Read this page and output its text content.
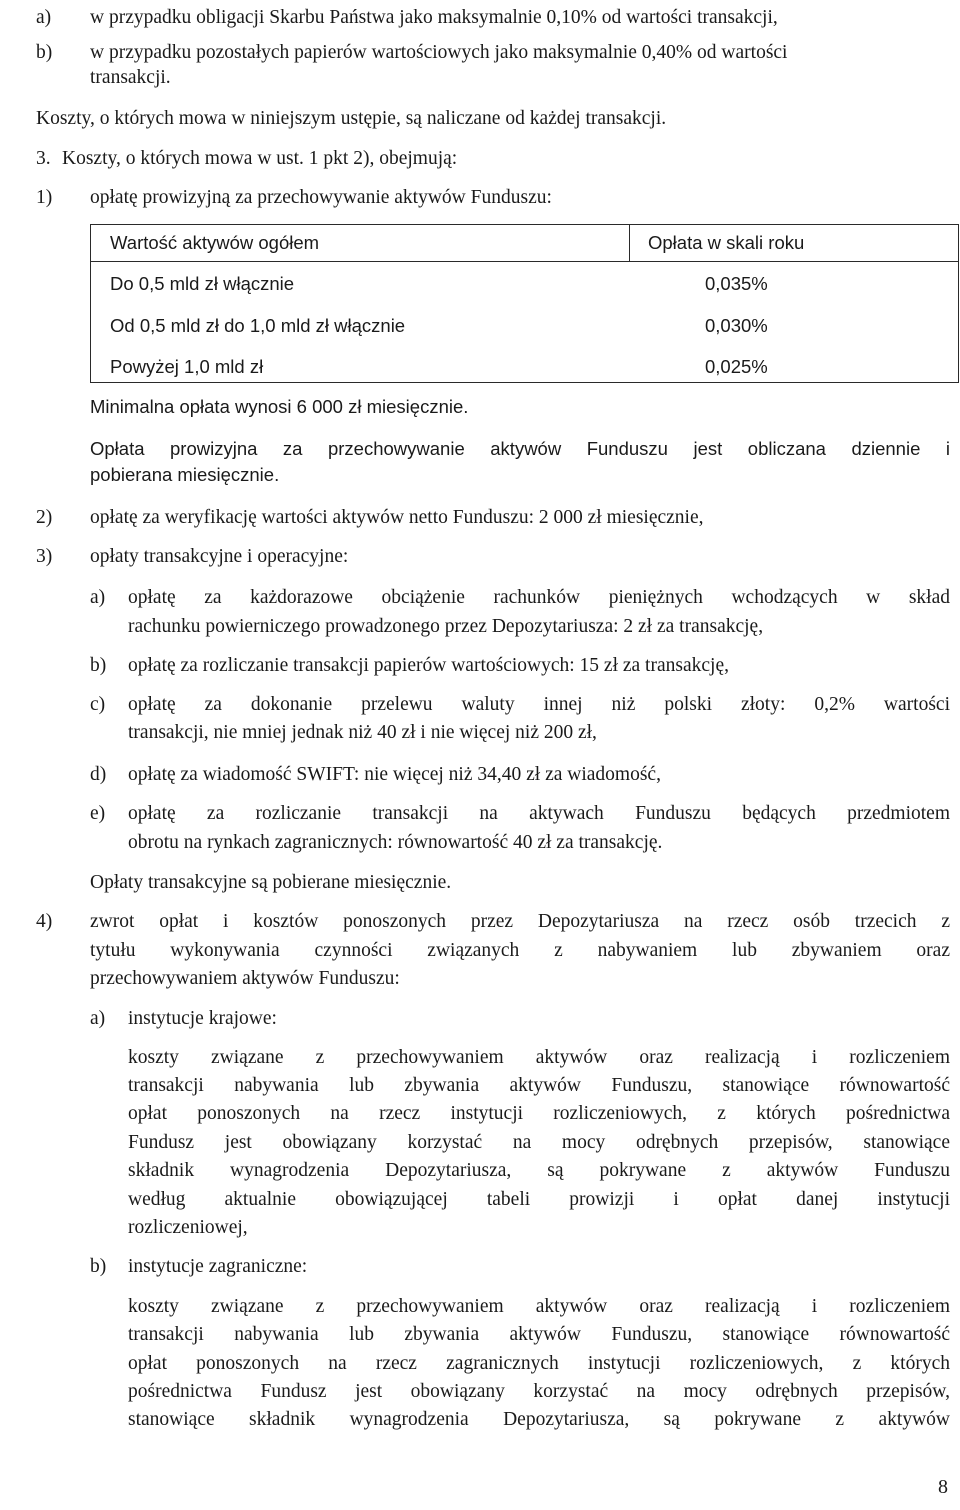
a) w przypadku obligacji Skarbu Państwa jako maksymalnie 0,10% od wartości transakcji,
b) w przypadku pozostałych papierów wartościowych jako maksymalnie 0,40% od wartości
transakcji.
Koszty, o których mowa w niniejszym ustępie, są naliczane od każdej transakcji.
3. Koszty, o których mowa w ust. 1 pkt 2), obejmują:
1) opłatę prowizyjną za przechowywanie aktywów Funduszu:
Wartość aktywów ogółem	Opłata w skali roku
Do 0,5 mld zł włącznie	0,035%
Od 0,5 mld zł do 1,0 mld zł włącznie	0,030%
Powyżej 1,0 mld zł	0,025%
Minimalna opłata wynosi 6 000 zł miesięcznie.
Opłata prowizyjna za przechowywanie aktywów Funduszu jest obliczana dziennie i
pobierana miesięcznie.
2) opłatę za weryfikację wartości aktywów netto Funduszu: 2 000 zł miesięcznie,
3) opłaty transakcyjne i operacyjne:
a) opłatę za każdorazowe obciążenie rachunków pieniężnych wchodzących w skład
rachunku powierniczego prowadzonego przez Depozytariusza: 2 zł za transakcję,
b) opłatę za rozliczanie transakcji papierów wartościowych: 15 zł za transakcję,
c) opłatę za dokonanie przelewu waluty innej niż polski złoty: 0,2% wartości
transakcji, nie mniej jednak niż 40 zł i nie więcej niż 200 zł,
d) opłatę za wiadomość SWIFT: nie więcej niż 34,40 zł za wiadomość,
e) opłatę za rozliczanie transakcji na aktywach Funduszu będących przedmiotem
obrotu na rynkach zagranicznych: równowartość 40 zł za transakcję.
Opłaty transakcyjne są pobierane miesięcznie.
4) zwrot opłat i kosztów ponoszonych przez Depozytariusza na rzecz osób trzecich z
tytułu wykonywania czynności związanych z nabywaniem lub zbywaniem oraz
przechowywaniem aktywów Funduszu:
a) instytucje krajowe:
koszty związane z przechowywaniem aktywów oraz realizacją i rozliczeniem
transakcji nabywania lub zbywania aktywów Funduszu, stanowiące równowartość
opłat ponoszonych na rzecz instytucji rozliczeniowych, z których pośrednictwa
Fundusz jest obowiązany korzystać na mocy odrębnych przepisów, stanowiące
składnik wynagrodzenia Depozytariusza, są pokrywane z aktywów Funduszu
według aktualnie obowiązującej tabeli prowizji i opłat danej instytucji
rozliczeniowej,
b) instytucje zagraniczne:
koszty związane z przechowywaniem aktywów oraz realizacją i rozliczeniem
transakcji nabywania lub zbywania aktywów Funduszu, stanowiące równowartość
opłat ponoszonych na rzecz zagranicznych instytucji rozliczeniowych, z których
pośrednictwa Fundusz jest obowiązany korzystać na mocy odrębnych przepisów,
stanowiące składnik wynagrodzenia Depozytariusza, są pokrywane z aktywów
8
